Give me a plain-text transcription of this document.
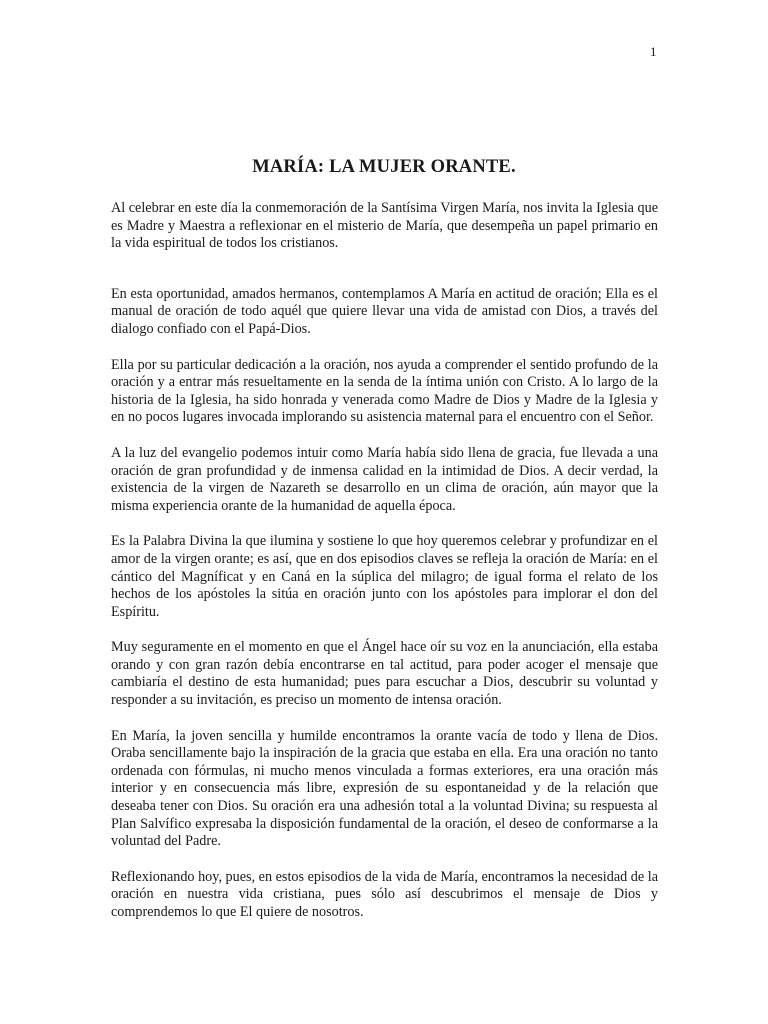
1
MARÍA: LA MUJER ORANTE.

Al celebrar en este día la conmemoración de la Santísima Virgen María, nos invita la Iglesia que es Madre y Maestra a reflexionar en el misterio de María, que desempeña un papel primario en la vida espiritual de todos los cristianos.

En esta oportunidad, amados hermanos, contemplamos A María en actitud de oración; Ella es el manual de oración de todo aquél que quiere llevar una vida de amistad con Dios, a través del dialogo confiado con el Papá-Dios.

Ella por su particular dedicación a la oración, nos ayuda a comprender el sentido profundo de la oración y a entrar más resueltamente en la senda de la íntima unión con Cristo. A lo largo de la historia de la Iglesia, ha sido honrada y venerada como Madre de Dios y Madre de la Iglesia y en no pocos lugares invocada implorando su asistencia maternal para el encuentro con el Señor.

A la luz del evangelio podemos intuir como María había sido llena de gracia, fue llevada a una oración de gran profundidad y de inmensa calidad en la intimidad de Dios. A decir verdad, la existencia de la virgen de Nazareth se desarrollo en un clima de oración, aún mayor que la misma experiencia orante de la humanidad de aquella época.

Es la Palabra Divina la que ilumina y sostiene lo que hoy queremos celebrar y profundizar en el amor de la virgen orante; es así, que en dos episodios claves se refleja la oración de María: en el cántico del Magníficat y en Caná en la súplica del milagro; de igual forma el relato de los hechos de los apóstoles la sitúa en oración junto con los apóstoles para implorar el don del Espíritu.

Muy seguramente en el momento en que el Ángel hace oír su voz en la anunciación, ella estaba orando y con gran razón debía encontrarse en tal actitud, para poder acoger el mensaje que cambiaría el destino de esta humanidad; pues para escuchar a Dios, descubrir su voluntad y responder a su invitación, es preciso un momento de intensa oración.

En María, la joven sencilla y humilde encontramos la orante vacía de todo y llena de Dios. Oraba sencillamente bajo la inspiración de la gracia que estaba en ella. Era una oración no tanto ordenada con fórmulas, ni mucho menos vinculada a formas exteriores, era una oración más interior y en consecuencia más libre, expresión de su espontaneidad y de la relación que deseaba tener con Dios. Su oración era una adhesión total a la voluntad Divina; su respuesta al Plan Salvífico expresaba la disposición fundamental de la oración, el deseo de conformarse a la voluntad del Padre.

Reflexionando hoy, pues, en estos episodios de la vida de María, encontramos la necesidad de la oración en nuestra vida cristiana, pues sólo así descubrimos el mensaje de Dios y comprendemos lo que El quiere de nosotros.
